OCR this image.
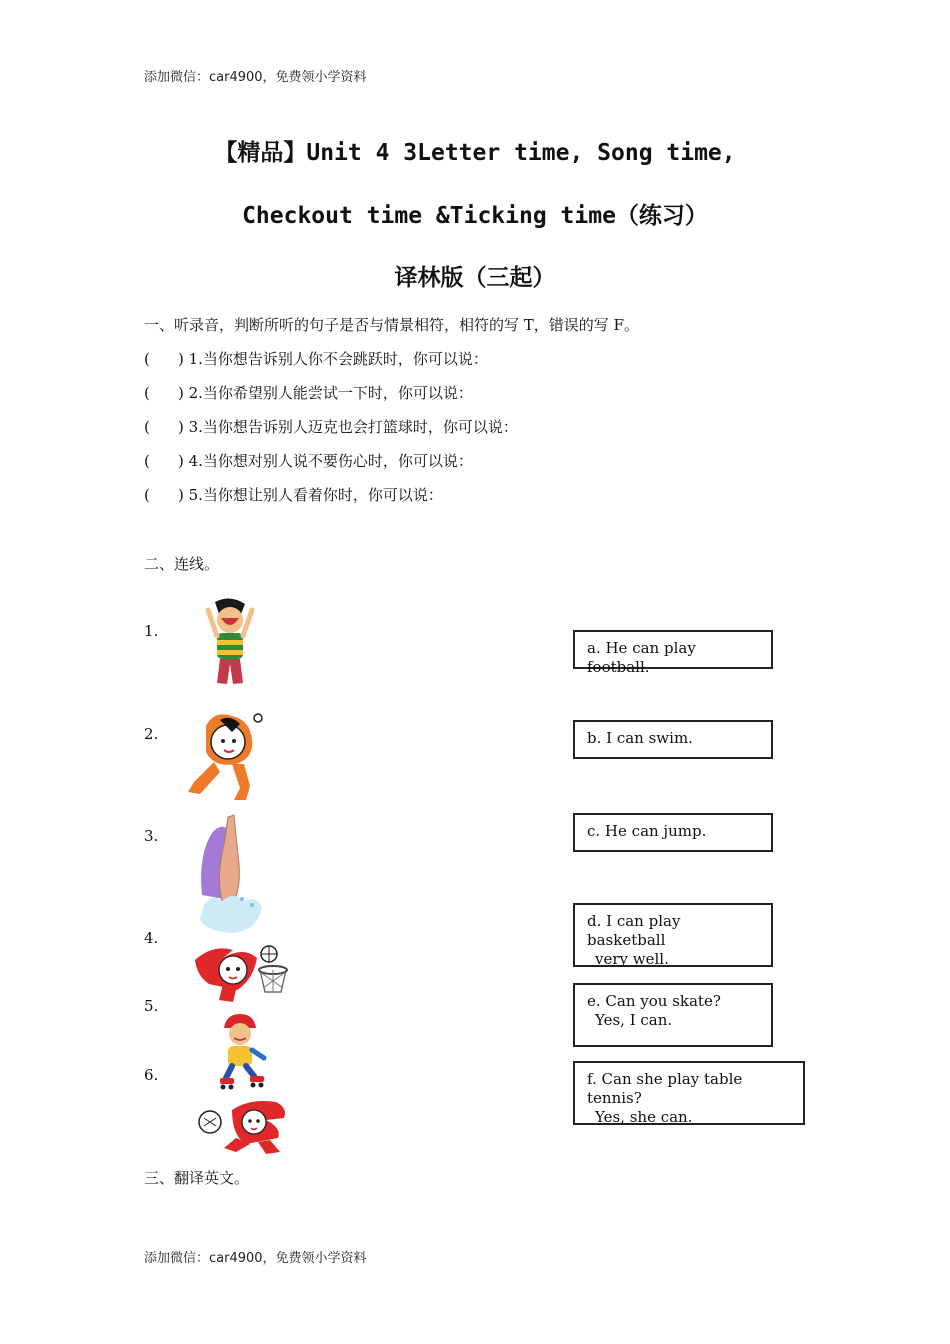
添加微信：car4900，免费领小学资料
添加微信：car4900，免费领小学资料
【精品】Unit 4 3Letter time, Song time,
Checkout time &Ticking time（练习）
译林版（三起）
一、听录音，判断所听的句子是否与情景相符，相符的写 T，错误的写 F。
( ) 1.当你想告诉别人你不会跳跃时，你可以说：
( ) 2.当你希望别人能尝试一下时，你可以说：
( ) 3.当你想告诉别人迈克也会打篮球时，你可以说：
( ) 4.当你想对别人说不要伤心时，你可以说：
( ) 5.当你想让别人看着你时，你可以说：
二、连线。
1.
2.
3.
4.
5.
6.
a. He can play football.
b. I can swim.
c. He can jump.
d. I can play basketball
very well.
e. Can you skate?
Yes, I can.
f. Can she play table tennis?
Yes, she can.
三、翻译英文。
